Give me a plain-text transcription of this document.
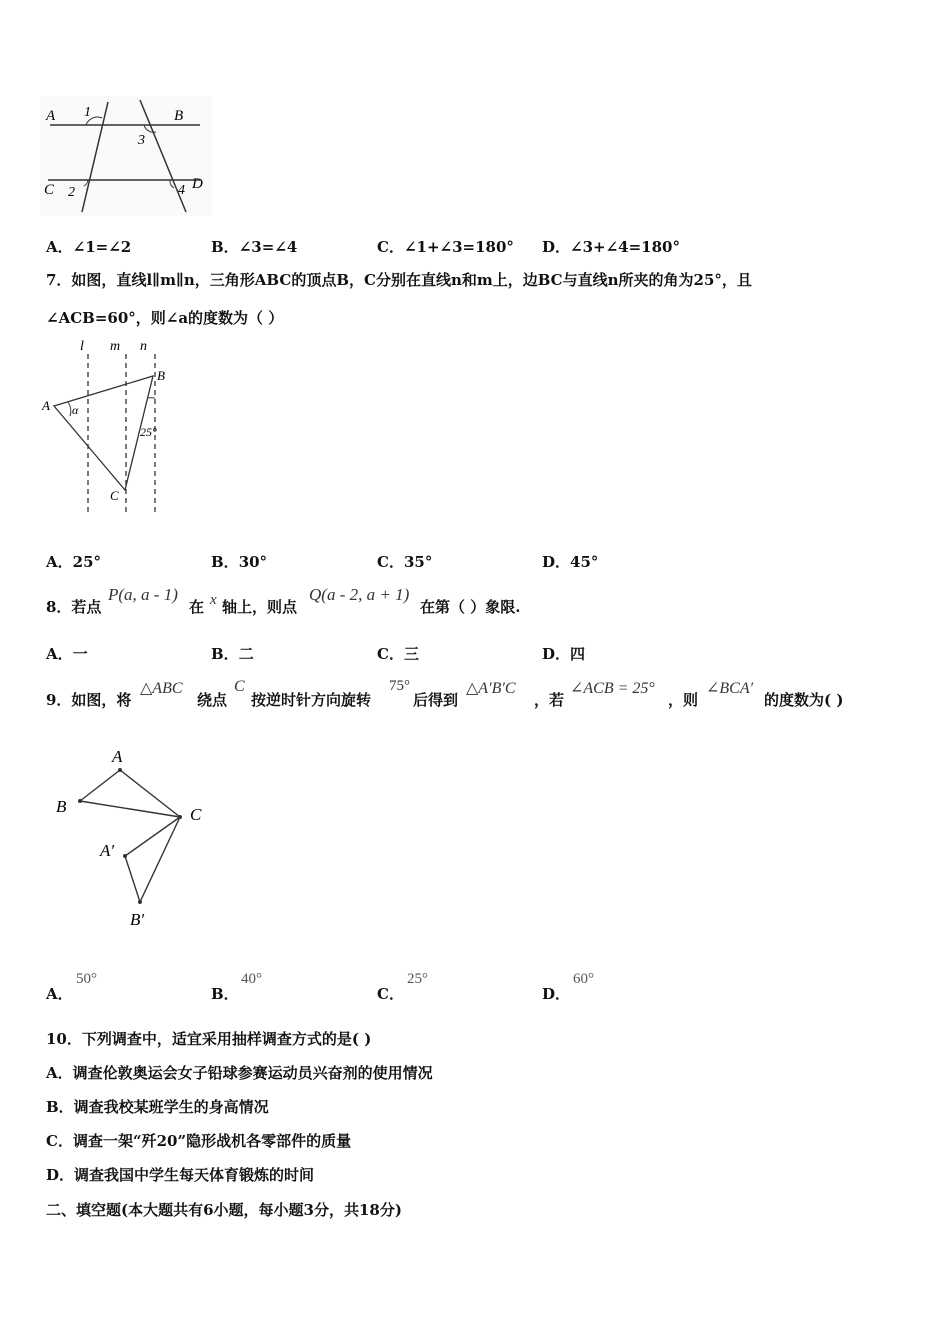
A	B
C	D
1
2
3
4
A．∠1=∠2	B．∠3=∠4	C．∠1+∠3=180° D．∠3+∠4=180°
7．如图，直线l∥m∥n，三角形ABC的顶点B，C分别在直线n和m上，边BC与直线n所夹的角为25°，且
∠ACB=60°，则∠a的度数为（ ）
l m n
A
B
C
α
25°
A．25°	B．30°	C．35°	D．45°
8．若点
P(a, a - 1)
在 x 轴上，则点
Q(a - 2, a + 1)
在第（ ）象限.
A．一	B．二	C．三	D．四
9．如图，将
△ABC
绕点
C
按逆时针方向旋转
75°
后得到
△A′B′C
，若
∠ACB = 25°
，则
∠BCA′
的度数为( )
A
B	C
A′
B′
A．
50°
B．
40°
C．
25°
D．
60°
10．下列调查中，适宜采用抽样调查方式的是( )
A．调查伦敦奥运会女子铅球参赛运动员兴奋剂的使用情况
B．调查我校某班学生的身高情况
C．调查一架“歼20”隐形战机各零部件的质量
D．调查我国中学生每天体育锻炼的时间
二、填空题(本大题共有6小题，每小题3分，共18分)
